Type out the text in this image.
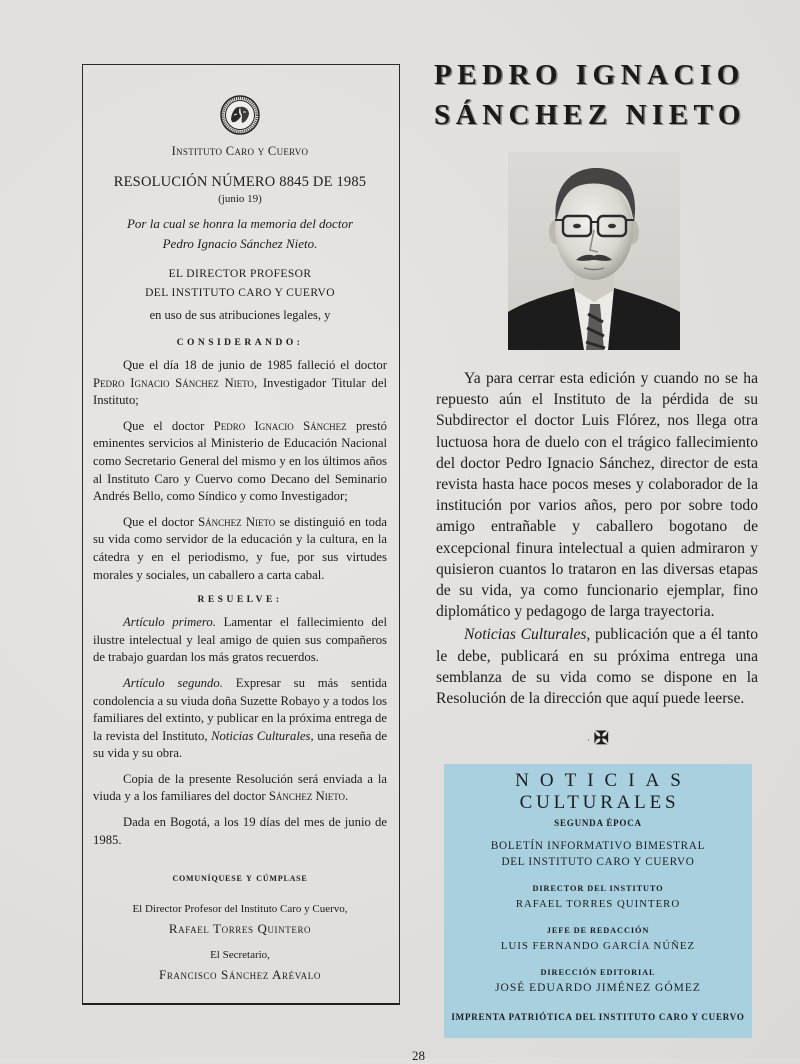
Instituto Caro y Cuervo
RESOLUCIÓN NÚMERO 8845 DE 1985
(junio 19)
Por la cual se honra la memoria del doctor
Pedro Ignacio Sánchez Nieto.
EL DIRECTOR PROFESOR
DEL INSTITUTO CARO Y CUERVO
en uso de sus atribuciones legales, y
CONSIDERANDO:

Que el día 18 de junio de 1985 falleció el doctor Pedro Ignacio Sánchez Nieto, Investigador Titular del Instituto;

Que el doctor Pedro Ignacio Sánchez prestó eminentes servicios al Ministerio de Educación Nacional como Secretario General del mismo y en los últimos años al Instituto Caro y Cuervo como Decano del Seminario Andrés Bello, como Síndico y como Investigador;

Que el doctor Sánchez Nieto se distinguió en toda su vida como servidor de la educación y la cultura, en la cátedra y en el periodismo, y fue, por sus virtudes morales y sociales, un caballero a carta cabal.

RESUELVE:

Artículo primero. Lamentar el fallecimiento del ilustre intelectual y leal amigo de quien sus compañeros de trabajo guardan los más gratos recuerdos.

Artículo segundo. Expresar su más sentida condolencia a su viuda doña Suzette Robayo y a todos los familiares del extinto, y publicar en la próxima entrega de la revista del Instituto, Noticias Culturales, una reseña de su vida y su obra.

Copia de la presente Resolución será enviada a la viuda y a los familiares del doctor Sánchez Nieto.

Dada en Bogotá, a los 19 días del mes de junio de 1985.

comuníquese y cúmplase
El Director Profesor del Instituto Caro y Cuervo,
Rafael Torres Quintero
El Secretario,
Francisco Sánchez Arévalo
PEDRO IGNACIO
SÁNCHEZ NIETO

Ya para cerrar esta edición y cuando no se ha repuesto aún el Instituto de la pérdida de su Subdirector el doctor Luis Flórez, nos llega otra luctuosa hora de duelo con el trágico fallecimiento del doctor Pedro Ignacio Sánchez, director de esta revista hasta hace pocos meses y colaborador de la institución por varios años, pero por sobre todo amigo entrañable y caballero bogotano de excepcional finura intelectual a quien admiraron y quisieron cuantos lo trataron en las diversas etapas de su vida, ya como funcionario ejemplar, fino diplomático y pedagogo de larga trayectoria.

Noticias Culturales, publicación que a él tanto le debe, publicará en su próxima entrega una semblanza de su vida como se dispone en la Resolución de la dirección que aquí puede leerse.

· ✠
NOTICIAS
CULTURALES
SEGUNDA ÉPOCA
BOLETÍN INFORMATIVO BIMESTRAL
DEL INSTITUTO CARO Y CUERVO
DIRECTOR DEL INSTITUTO
RAFAEL TORRES QUINTERO
JEFE DE REDACCIÓN
LUIS FERNANDO GARCÍA NÚÑEZ
DIRECCIÓN EDITORIAL
JOSÉ EDUARDO JIMÉNEZ GÓMEZ
IMPRENTA PATRIÓTICA DEL INSTITUTO CARO Y CUERVO
28
